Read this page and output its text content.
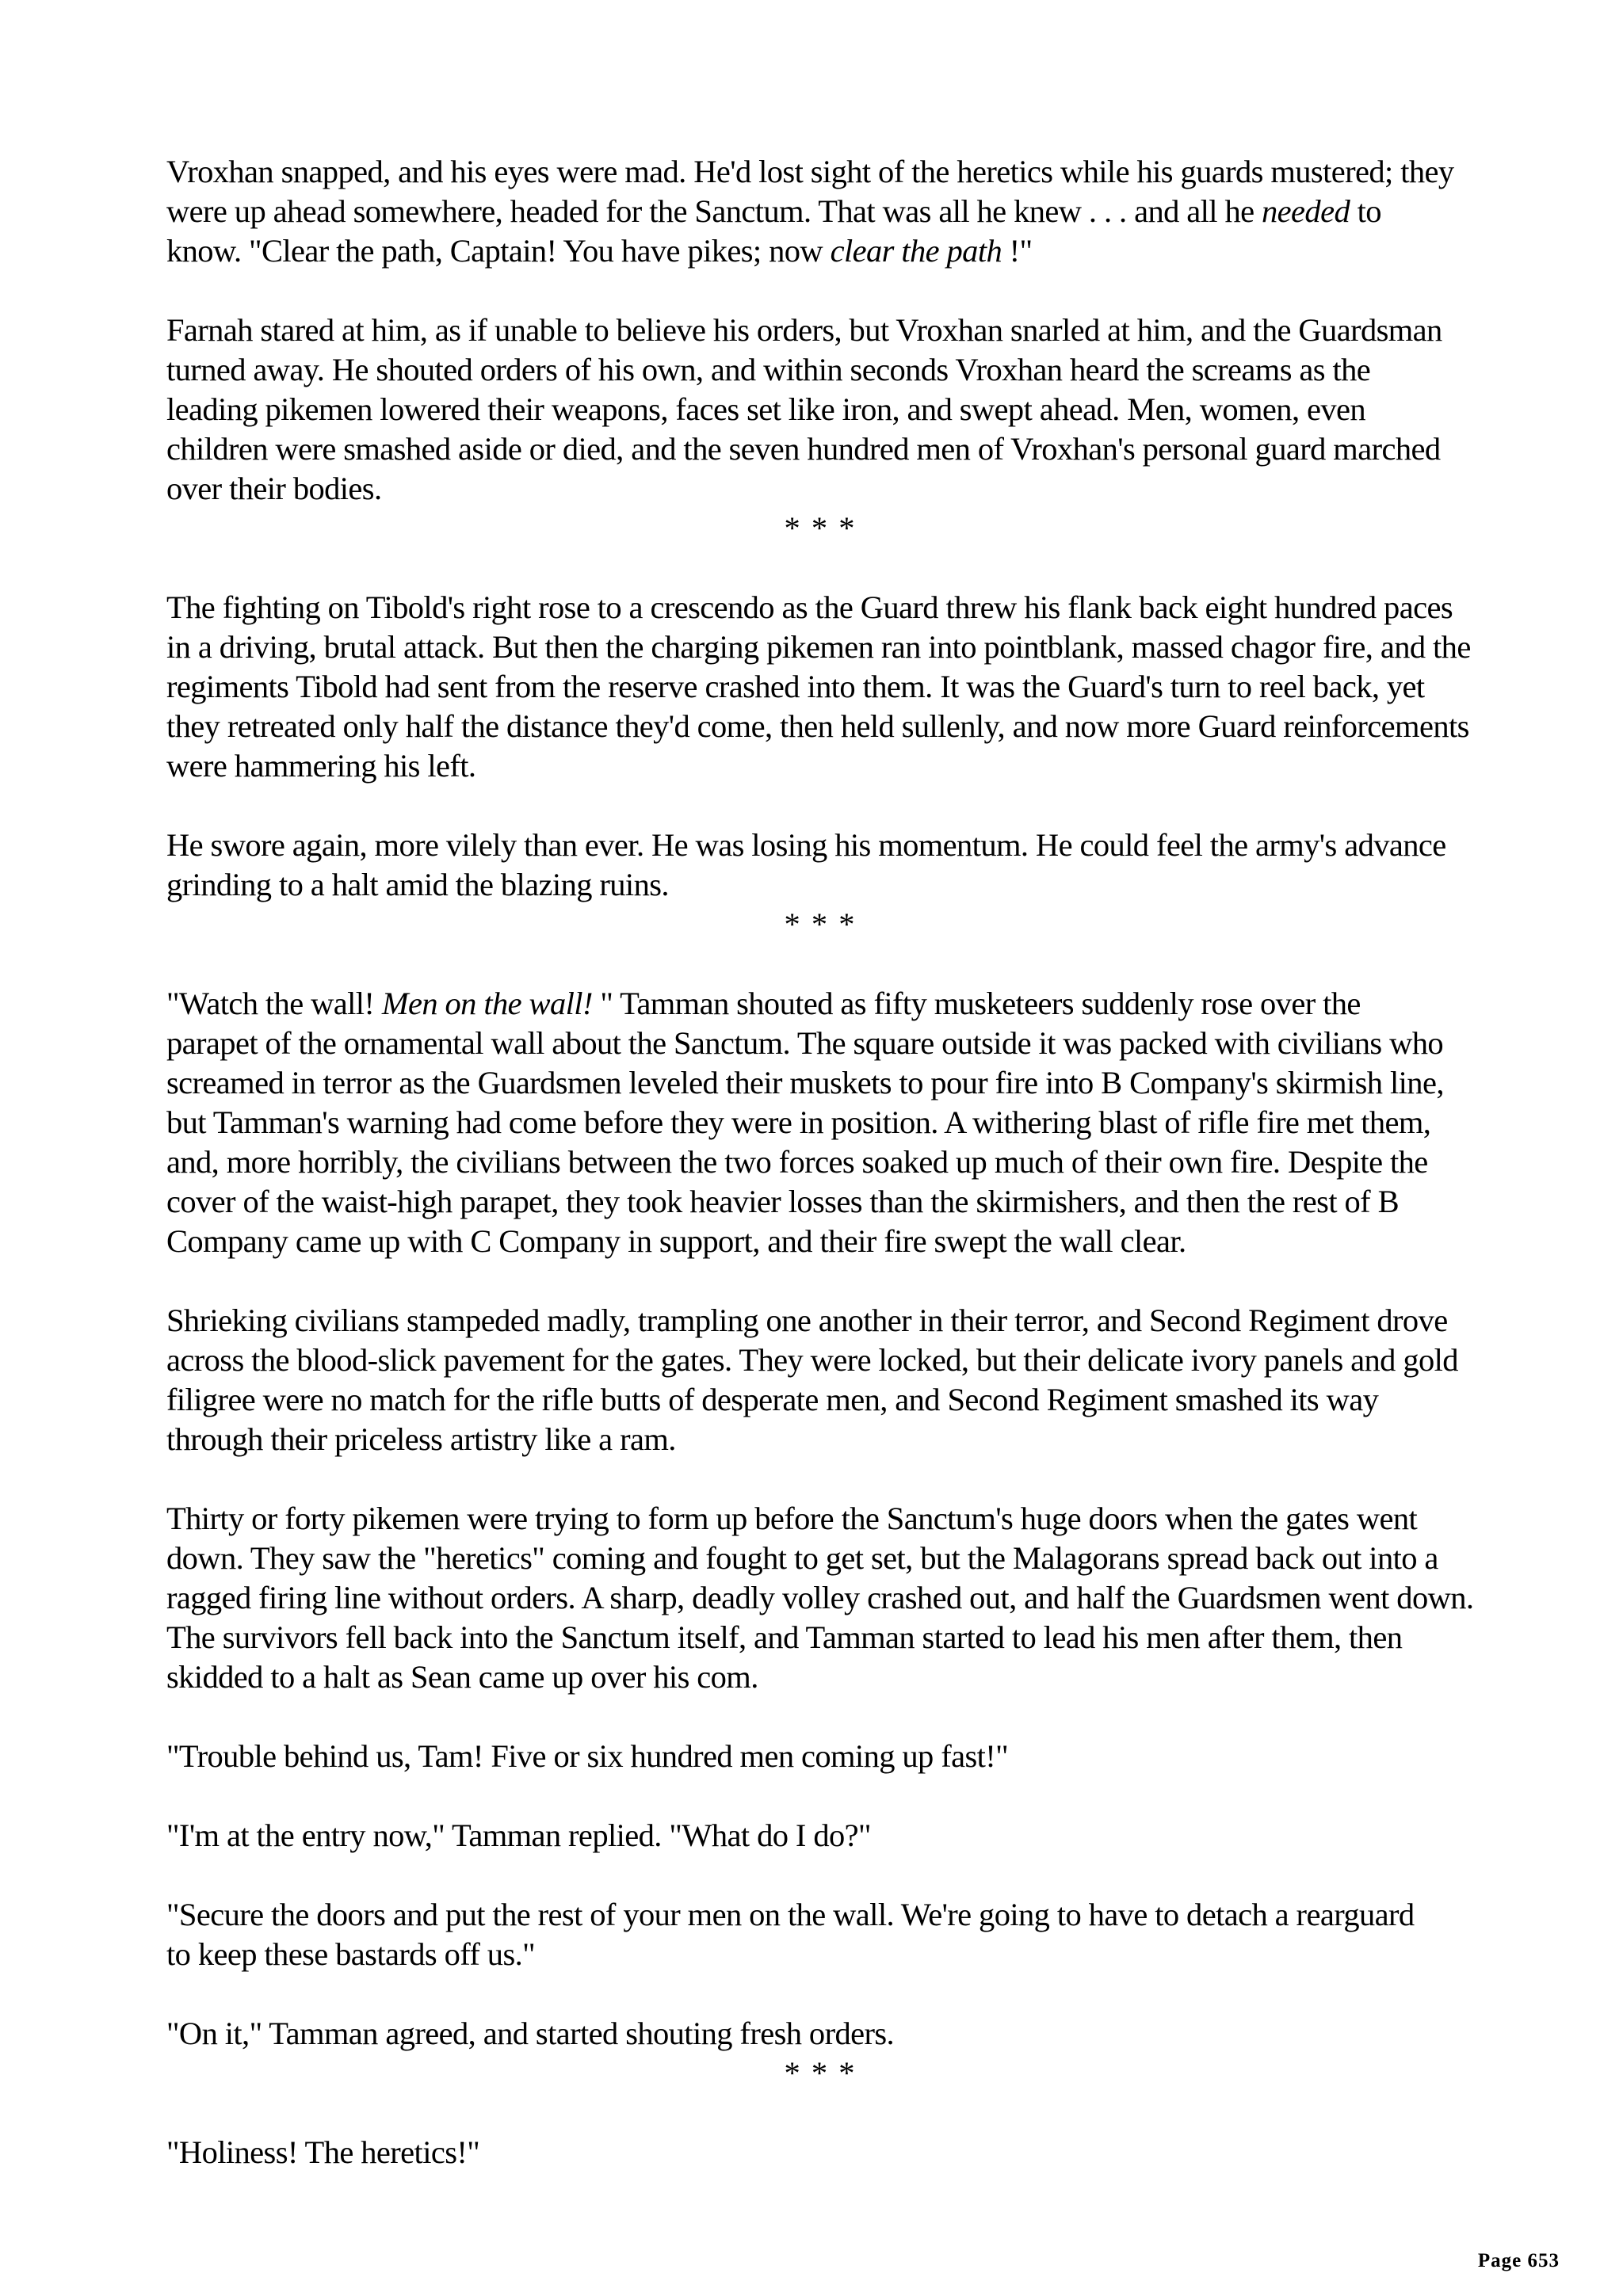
Vroxhan snapped, and his eyes were mad. He'd lost sight of the heretics while his guards mustered; they
were up ahead somewhere, headed for the Sanctum. That was all he knew . . . and all he needed to
know. "Clear the path, Captain! You have pikes; now clear the path !"
Farnah stared at him, as if unable to believe his orders, but Vroxhan snarled at him, and the Guardsman
turned away. He shouted orders of his own, and within seconds Vroxhan heard the screams as the
leading pikemen lowered their weapons, faces set like iron, and swept ahead. Men, women, even
children were smashed aside or died, and the seven hundred men of Vroxhan's personal guard marched
over their bodies.
* * *
The fighting on Tibold's right rose to a crescendo as the Guard threw his flank back eight hundred paces
in a driving, brutal attack. But then the charging pikemen ran into pointblank, massed chagor fire, and the
regiments Tibold had sent from the reserve crashed into them. It was the Guard's turn to reel back, yet
they retreated only half the distance they'd come, then held sullenly, and now more Guard reinforcements
were hammering his left.
He swore again, more vilely than ever. He was losing his momentum. He could feel the army's advance
grinding to a halt amid the blazing ruins.
* * *
"Watch the wall! Men on the wall! " Tamman shouted as fifty musketeers suddenly rose over the
parapet of the ornamental wall about the Sanctum. The square outside it was packed with civilians who
screamed in terror as the Guardsmen leveled their muskets to pour fire into B Company's skirmish line,
but Tamman's warning had come before they were in position. A withering blast of rifle fire met them,
and, more horribly, the civilians between the two forces soaked up much of their own fire. Despite the
cover of the waist-high parapet, they took heavier losses than the skirmishers, and then the rest of B
Company came up with C Company in support, and their fire swept the wall clear.
Shrieking civilians stampeded madly, trampling one another in their terror, and Second Regiment drove
across the blood-slick pavement for the gates. They were locked, but their delicate ivory panels and gold
filigree were no match for the rifle butts of desperate men, and Second Regiment smashed its way
through their priceless artistry like a ram.
Thirty or forty pikemen were trying to form up before the Sanctum's huge doors when the gates went
down. They saw the "heretics" coming and fought to get set, but the Malagorans spread back out into a
ragged firing line without orders. A sharp, deadly volley crashed out, and half the Guardsmen went down.
The survivors fell back into the Sanctum itself, and Tamman started to lead his men after them, then
skidded to a halt as Sean came up over his com.
"Trouble behind us, Tam! Five or six hundred men coming up fast!"
"I'm at the entry now," Tamman replied. "What do I do?"
"Secure the doors and put the rest of your men on the wall. We're going to have to detach a rearguard
to keep these bastards off us."
"On it," Tamman agreed, and started shouting fresh orders.
* * *
"Holiness! The heretics!"
Page 653
